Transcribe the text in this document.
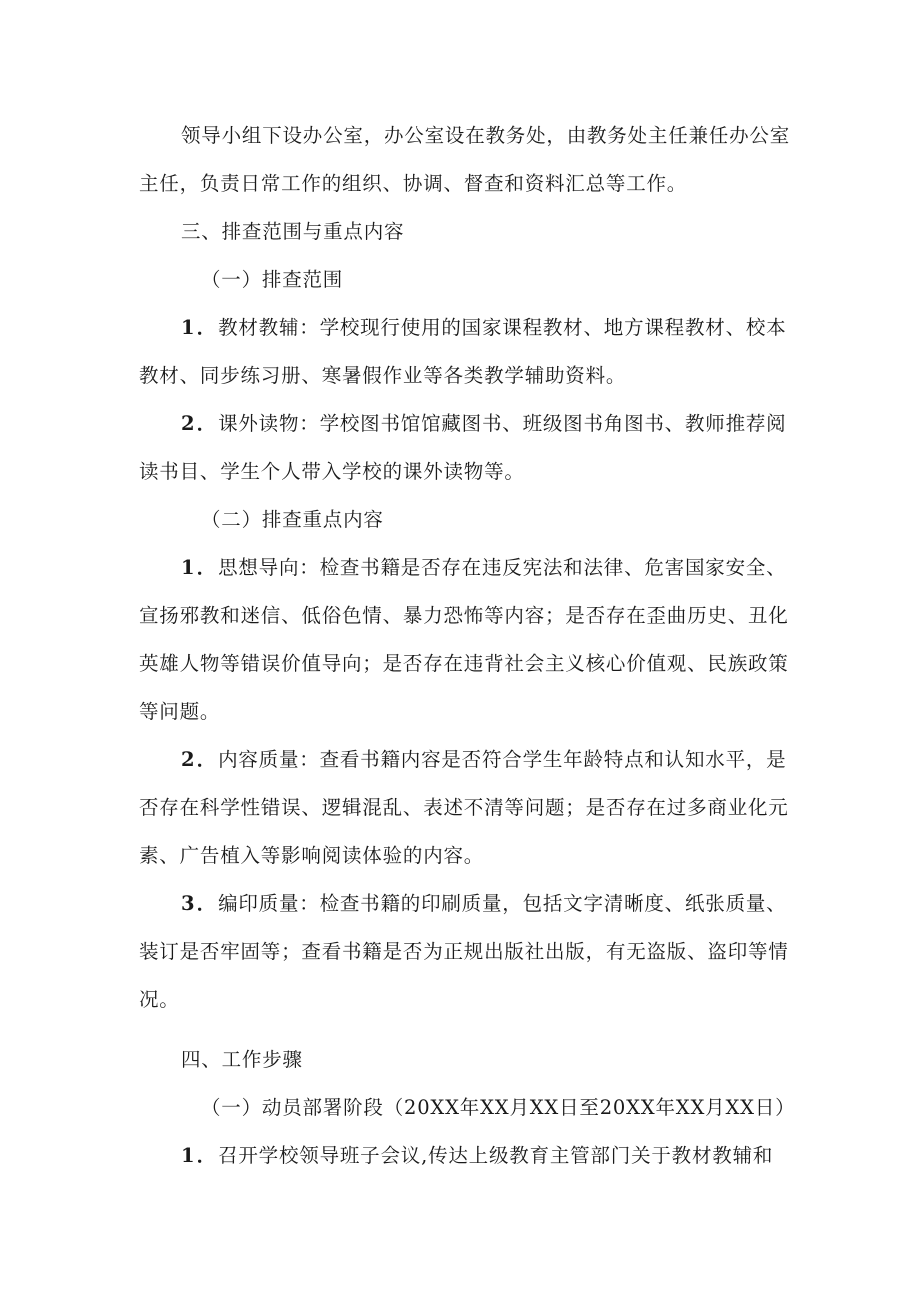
领导小组下设办公室，办公室设在教务处，由教务处主任兼任办公室
主任，负责日常工作的组织、协调、督查和资料汇总等工作。
三、排查范围与重点内容
（一）排查范围
1．教材教辅：学校现行使用的国家课程教材、地方课程教材、校本
教材、同步练习册、寒暑假作业等各类教学辅助资料。
2．课外读物：学校图书馆馆藏图书、班级图书角图书、教师推荐阅
读书目、学生个人带入学校的课外读物等。
（二）排查重点内容
1．思想导向：检查书籍是否存在违反宪法和法律、危害国家安全、
宣扬邪教和迷信、低俗色情、暴力恐怖等内容；是否存在歪曲历史、丑化
英雄人物等错误价值导向；是否存在违背社会主义核心价值观、民族政策
等问题。
2．内容质量：查看书籍内容是否符合学生年龄特点和认知水平，是
否存在科学性错误、逻辑混乱、表述不清等问题；是否存在过多商业化元
素、广告植入等影响阅读体验的内容。
3．编印质量：检查书籍的印刷质量，包括文字清晰度、纸张质量、
装订是否牢固等；查看书籍是否为正规出版社出版，有无盗版、盗印等情
况。
四、工作步骤
（一）动员部署阶段（20XX年XX月XX日至20XX年XX月XX日）
1．召开学校领导班子会议,传达上级教育主管部门关于教材教辅和
